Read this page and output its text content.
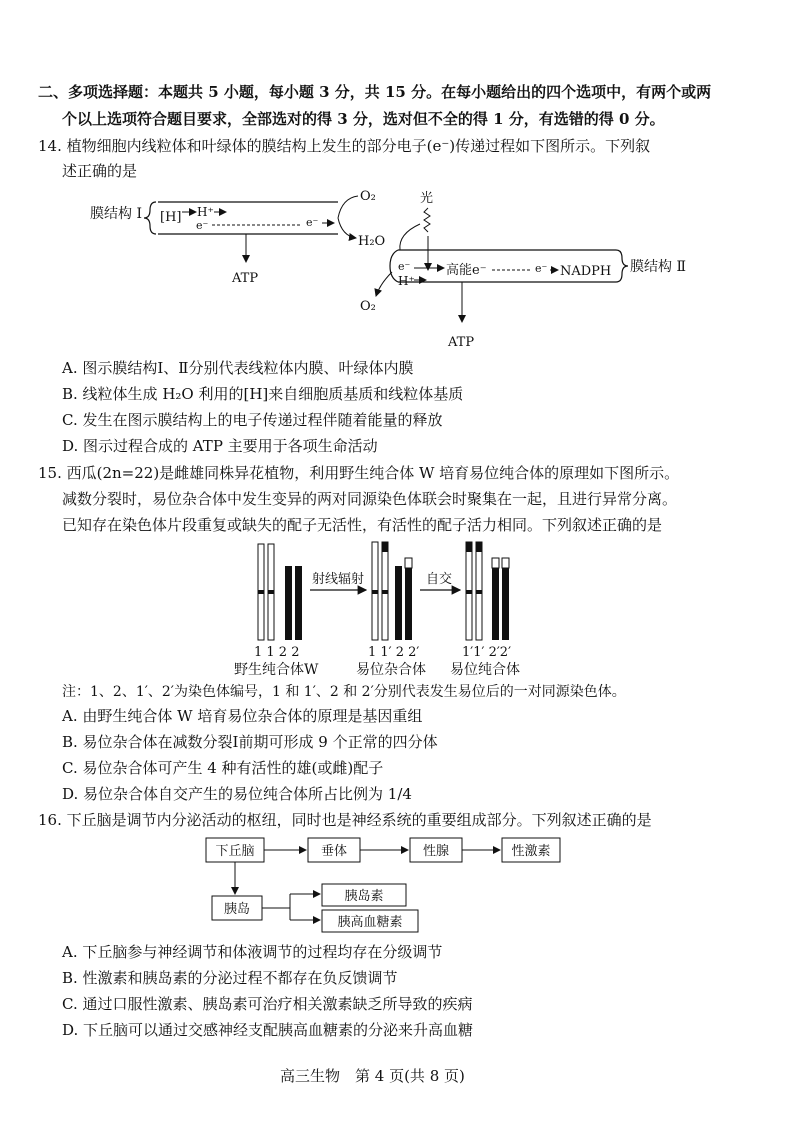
二、多项选择题：本题共 5 小题，每小题 3 分，共 15 分。在每小题给出的四个选项中，有两个或两
个以上选项符合题目要求，全部选对的得 3 分，选对但不全的得 1 分，有选错的得 0 分。
14. 植物细胞内线粒体和叶绿体的膜结构上发生的部分电子(e⁻)传递过程如下图所示。下列叙
述正确的是
膜结构 Ⅰ [H] H⁺
e⁻	e⁻
O₂
H₂O
ATP
光
膜结构 Ⅱ
e⁻	高能e⁻	e⁻ NADPH
H⁺
O₂
ATP
A. 图示膜结构Ⅰ、Ⅱ分别代表线粒体内膜、叶绿体内膜
B. 线粒体生成 H₂O 利用的[H]来自细胞质基质和线粒体基质
C. 发生在图示膜结构上的电子传递过程伴随着能量的释放
D. 图示过程合成的 ATP 主要用于各项生命活动
15. 西瓜(2n=22)是雌雄同株异花植物，利用野生纯合体 W 培育易位纯合体的原理如下图所示。
减数分裂时，易位杂合体中发生变异的两对同源染色体联会时聚集在一起，且进行异常分离。
已知存在染色体片段重复或缺失的配子无活性，有活性的配子活力相同。下列叙述正确的是
射线辐射	自交
1 1 2 2	1 1′ 2 2′	1′1′ 2′2′
野生纯合体W	易位杂合体 易位纯合体
注：1、2、1′、2′为染色体编号，1 和 1′、2 和 2′分别代表发生易位后的一对同源染色体。
A. 由野生纯合体 W 培育易位杂合体的原理是基因重组
B. 易位杂合体在减数分裂Ⅰ前期可形成 9 个正常的四分体
C. 易位杂合体可产生 4 种有活性的雄(或雌)配子
D. 易位杂合体自交产生的易位纯合体所占比例为 1/4
16. 下丘脑是调节内分泌活动的枢纽，同时也是神经系统的重要组成部分。下列叙述正确的是
下丘脑	垂体	性腺	性激素
胰岛
胰岛素
胰高血糖素
A. 下丘脑参与神经调节和体液调节的过程均存在分级调节
B. 性激素和胰岛素的分泌过程不都存在负反馈调节
C. 通过口服性激素、胰岛素可治疗相关激素缺乏所导致的疾病
D. 下丘脑可以通过交感神经支配胰高血糖素的分泌来升高血糖
高三生物　第 4 页(共 8 页)
